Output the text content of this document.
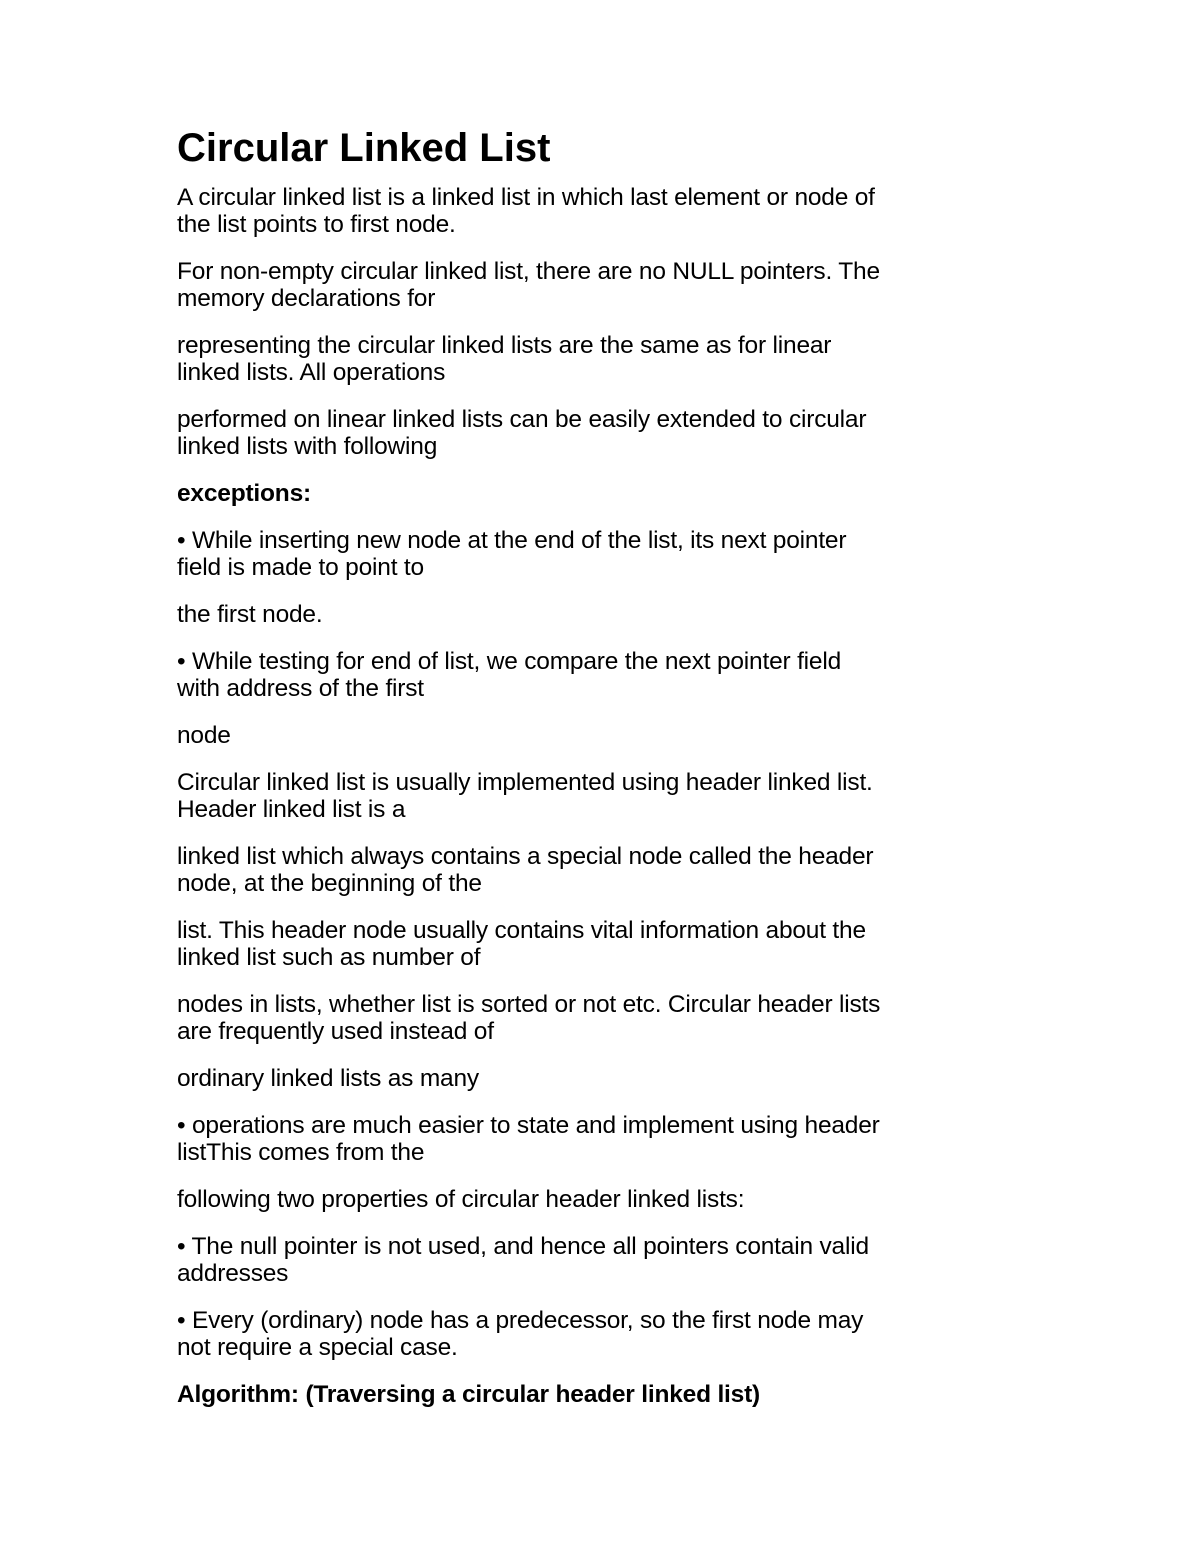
Circular Linked List

A circular linked list is a linked list in which last element or node of
the list points to first node.

For non-empty circular linked list, there are no NULL pointers. The
memory declarations for

representing the circular linked lists are the same as for linear
linked lists. All operations

performed on linear linked lists can be easily extended to circular
linked lists with following

exceptions:

• While inserting new node at the end of the list, its next pointer
field is made to point to

the first node.

• While testing for end of list, we compare the next pointer field
with address of the first

node

Circular linked list is usually implemented using header linked list.
Header linked list is a

linked list which always contains a special node called the header
node, at the beginning of the

list. This header node usually contains vital information about the
linked list such as number of

nodes in lists, whether list is sorted or not etc. Circular header lists
are frequently used instead of

ordinary linked lists as many

• operations are much easier to state and implement using header
listThis comes from the

following two properties of circular header linked lists:

• The null pointer is not used, and hence all pointers contain valid
addresses

• Every (ordinary) node has a predecessor, so the first node may
not require a special case.

Algorithm: (Traversing a circular header linked list)
